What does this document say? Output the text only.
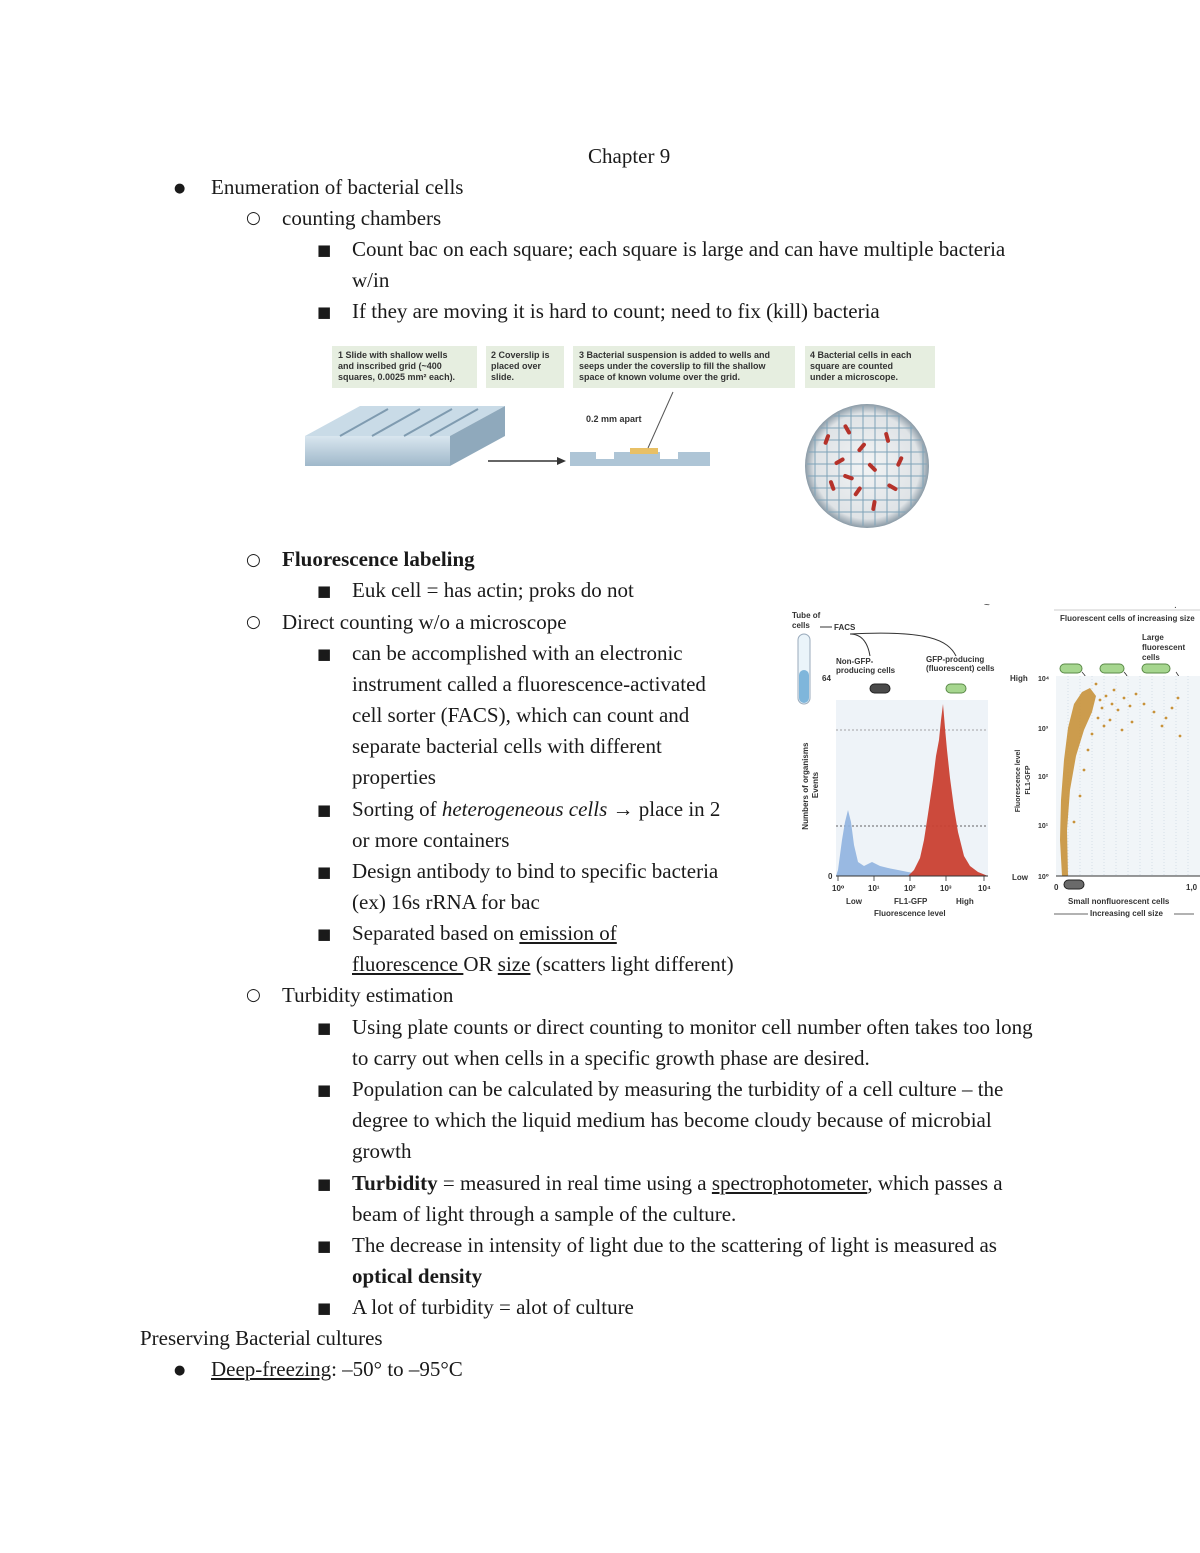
Chapter 9
● Enumeration of bacterial cells
○ counting chambers
■ Count bac on each square; each square is large and can have multiple bacteria
w/in
■ If they are moving it is hard to count; need to fix (kill) bacteria
1 Slide with shallow wells and inscribed grid (~400 squares, 0.0025 mm² each).
2 Coverslip is placed over slide.
3 Bacterial suspension is added to wells and seeps under the coverslip to fill the shallow space of known volume over the grid.
4 Bacterial cells in each square are counted under a microscope.
0.2 mm apart
○ Fluorescence labeling
■ Euk cell = has actin; proks do not
○ Direct counting w/o a microscope
■ can be accomplished with an electronic
instrument called a fluorescence-activated
cell sorter (FACS), which can count and
separate bacterial cells with different
properties
■ Sorting of heterogeneous cells → place in 2
or more containers
■ Design antibody to bind to specific bacteria
(ex) 16s rRNA for bac
■ Separated based on emission of
fluorescence OR size (scatters light different)
~
Tube of cells	FACS
Non-GFP- producing cells
GFP-producing (fluorescent) cells
64
0
Numbers of organisms Events
10⁰	10¹	10²	10³	10⁴
Low	FL1-GFP	High
Fluorescence level
.
Fluorescent cells of increasing size
Large fluorescent cells
High
Low
10⁴ 10³ 10² 10¹ 10⁰
Fluorescence level FL1-GFP
0	1,0
Small nonfluorescent cells
Increasing cell size
○ Turbidity estimation
■ Using plate counts or direct counting to monitor cell number often takes too long
to carry out when cells in a specific growth phase are desired.
■ Population can be calculated by measuring the turbidity of a cell culture – the
degree to which the liquid medium has become cloudy because of microbial
growth
■ Turbidity = measured in real time using a spectrophotometer, which passes a
beam of light through a sample of the culture.
■ The decrease in intensity of light due to the scattering of light is measured as
optical density
■ A lot of turbidity = alot of culture
Preserving Bacterial cultures
● Deep-freezing: –50° to –95°C
